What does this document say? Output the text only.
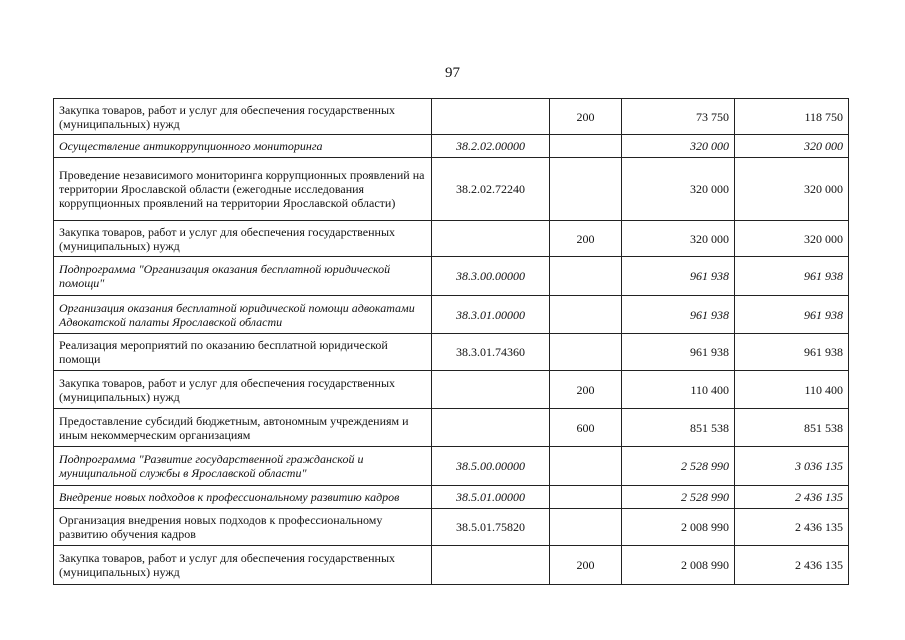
97
Закупка товаров, работ и услуг для обеспечения государственных (муниципальных) нужд		200	73 750	118 750
Осуществление антикоррупционного мониторинга	38.2.02.00000		320 000	320 000
Проведение независимого мониторинга коррупционных проявлений на территории Ярославской области (ежегодные исследования коррупционных проявлений на территории Ярославской области)	38.2.02.72240		320 000	320 000
Закупка товаров, работ и услуг для обеспечения государственных (муниципальных) нужд		200	320 000	320 000
Подпрограмма "Организация оказания бесплатной юридической помощи"	38.3.00.00000		961 938	961 938
Организация оказания бесплатной юридической помощи адвокатами Адвокатской палаты Ярославской области	38.3.01.00000		961 938	961 938
Реализация мероприятий по оказанию бесплатной юридической помощи	38.3.01.74360		961 938	961 938
Закупка товаров, работ и услуг для обеспечения государственных (муниципальных) нужд		200	110 400	110 400
Предоставление субсидий бюджетным, автономным учреждениям и иным некоммерческим организациям		600	851 538	851 538
Подпрограмма "Развитие государственной гражданской и муниципальной службы в Ярославской области"	38.5.00.00000		2 528 990	3 036 135
Внедрение новых подходов к профессиональному развитию кадров	38.5.01.00000		2 528 990	2 436 135
Организация внедрения новых подходов к профессиональному развитию обучения кадров	38.5.01.75820		2 008 990	2 436 135
Закупка товаров, работ и услуг для обеспечения государственных (муниципальных) нужд		200	2 008 990	2 436 135
